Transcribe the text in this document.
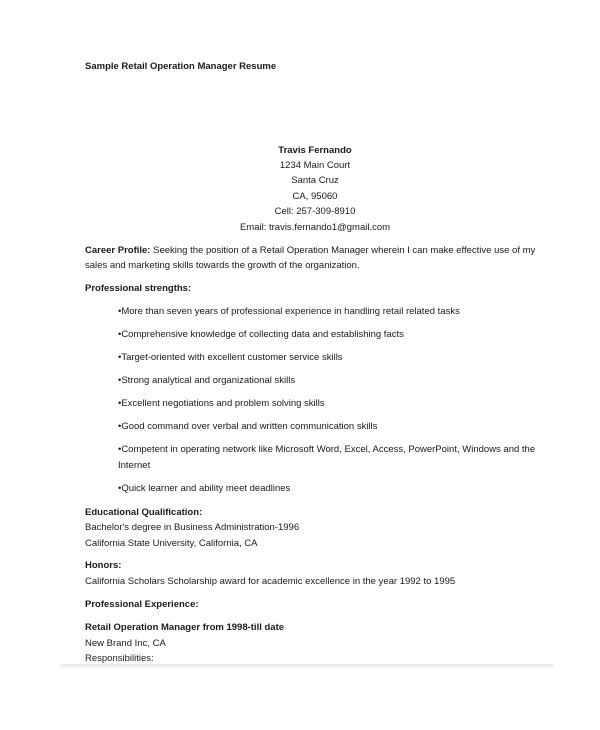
Sample Retail Operation Manager Resume
Travis Fernando
1234 Main Court
Santa Cruz
CA, 95060
Cell: 257-309-8910
Email: travis.fernando1@gmail.com
Career Profile: Seeking the position of a Retail Operation Manager wherein I can make effective use of my
sales and marketing skills towards the growth of the organization.
Professional strengths:
•More than seven years of professional experience in handling retail related tasks
•Comprehensive knowledge of collecting data and establishing facts
•Target-oriented with excellent customer service skills
•Strong analytical and organizational skills
•Excellent negotiations and problem solving skills
•Good command over verbal and written communication skills
•Competent in operating network like Microsoft Word, Excel, Access, PowerPoint, Windows and the
Internet
•Quick learner and ability meet deadlines
Educational Qualification:
Bachelor's degree in Business Administration-1996
California State University, California, CA
Honors:
California Scholars Scholarship award for academic excellence in the year 1992 to 1995
Professional Experience:
Retail Operation Manager from 1998-till date
New Brand Inc, CA
Responsibilities:
